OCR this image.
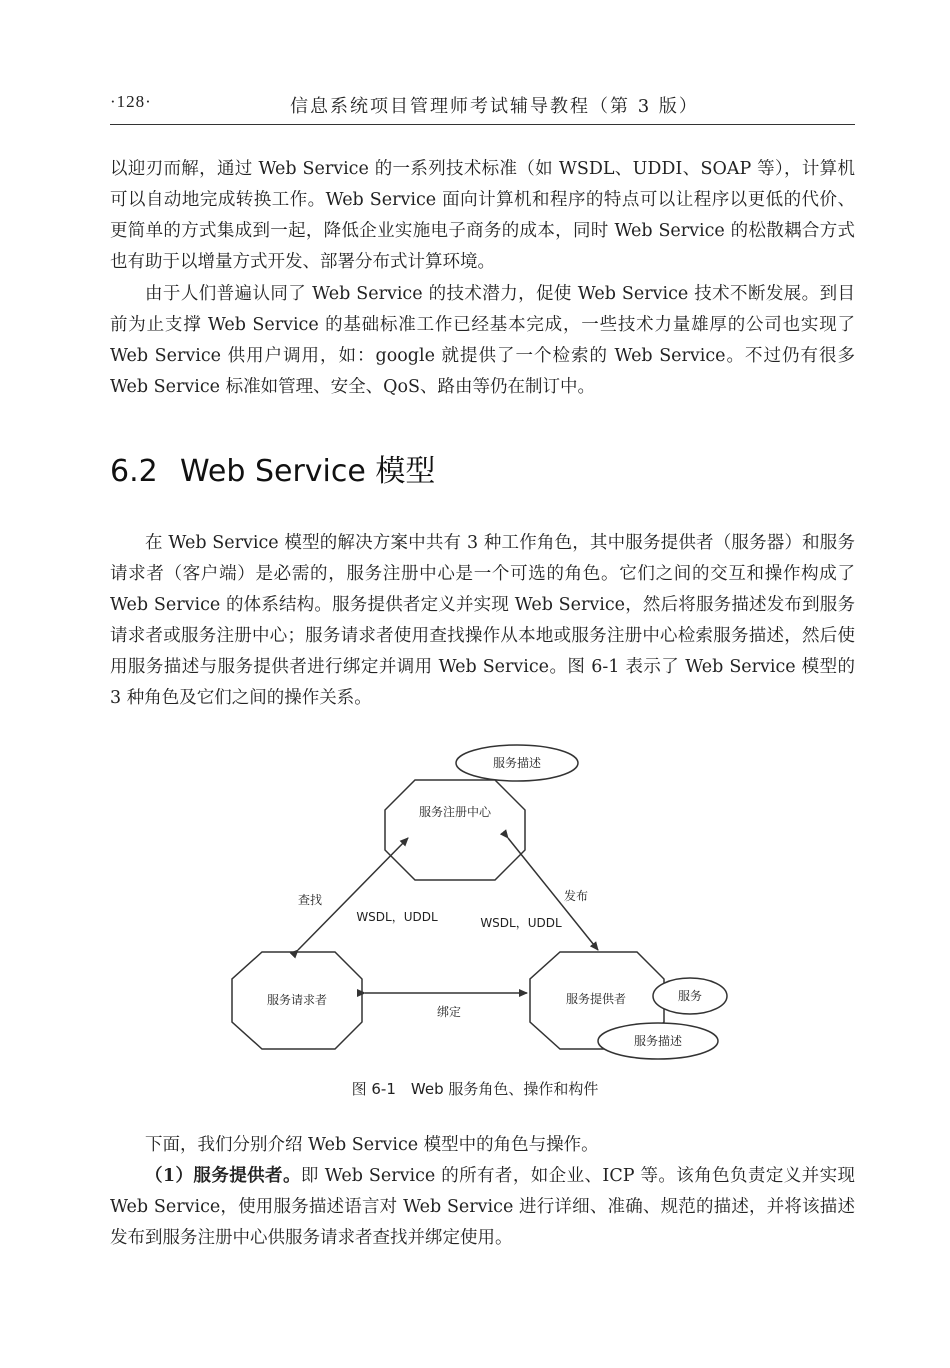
·128·	信息系统项目管理师考试辅导教程（第 3 版）

以迎刃而解，通过 Web Service 的一系列技术标准（如 WSDL、UDDI、SOAP 等），计算机可以自动地完成转换工作。Web Service 面向计算机和程序的特点可以让程序以更低的代价、更简单的方式集成到一起，降低企业实施电子商务的成本，同时 Web Service 的松散耦合方式也有助于以增量方式开发、部署分布式计算环境。

由于人们普遍认同了 Web Service 的技术潜力，促使 Web Service 技术不断发展。到目前为止支撑 Web Service 的基础标准工作已经基本完成，一些技术力量雄厚的公司也实现了 Web Service 供用户调用，如：google 就提供了一个检索的 Web Service。不过仍有很多 Web Service 标准如管理、安全、QoS、路由等仍在制订中。

6.2 Web Service 模型

在 Web Service 模型的解决方案中共有 3 种工作角色，其中服务提供者（服务器）和服务请求者（客户端）是必需的，服务注册中心是一个可选的角色。它们之间的交互和操作构成了 Web Service 的体系结构。服务提供者定义并实现 Web Service，然后将服务描述发布到服务请求者或服务注册中心；服务请求者使用查找操作从本地或服务注册中心检索服务描述，然后使用服务描述与服务提供者进行绑定并调用 Web Service。图 6-1 表示了 Web Service 模型的 3 种角色及它们之间的操作关系。

服务注册中心
服务描述
服务请求者	服务提供者	服务
服务描述
查找
WSDL，UDDL
发布
WSDL，UDDL
绑定
图 6-1　Web 服务角色、操作和构件

下面，我们分别介绍 Web Service 模型中的角色与操作。

（1）服务提供者。即 Web Service 的所有者，如企业、ICP 等。该角色负责定义并实现 Web Service，使用服务描述语言对 Web Service 进行详细、准确、规范的描述，并将该描述发布到服务注册中心供服务请求者查找并绑定使用。
